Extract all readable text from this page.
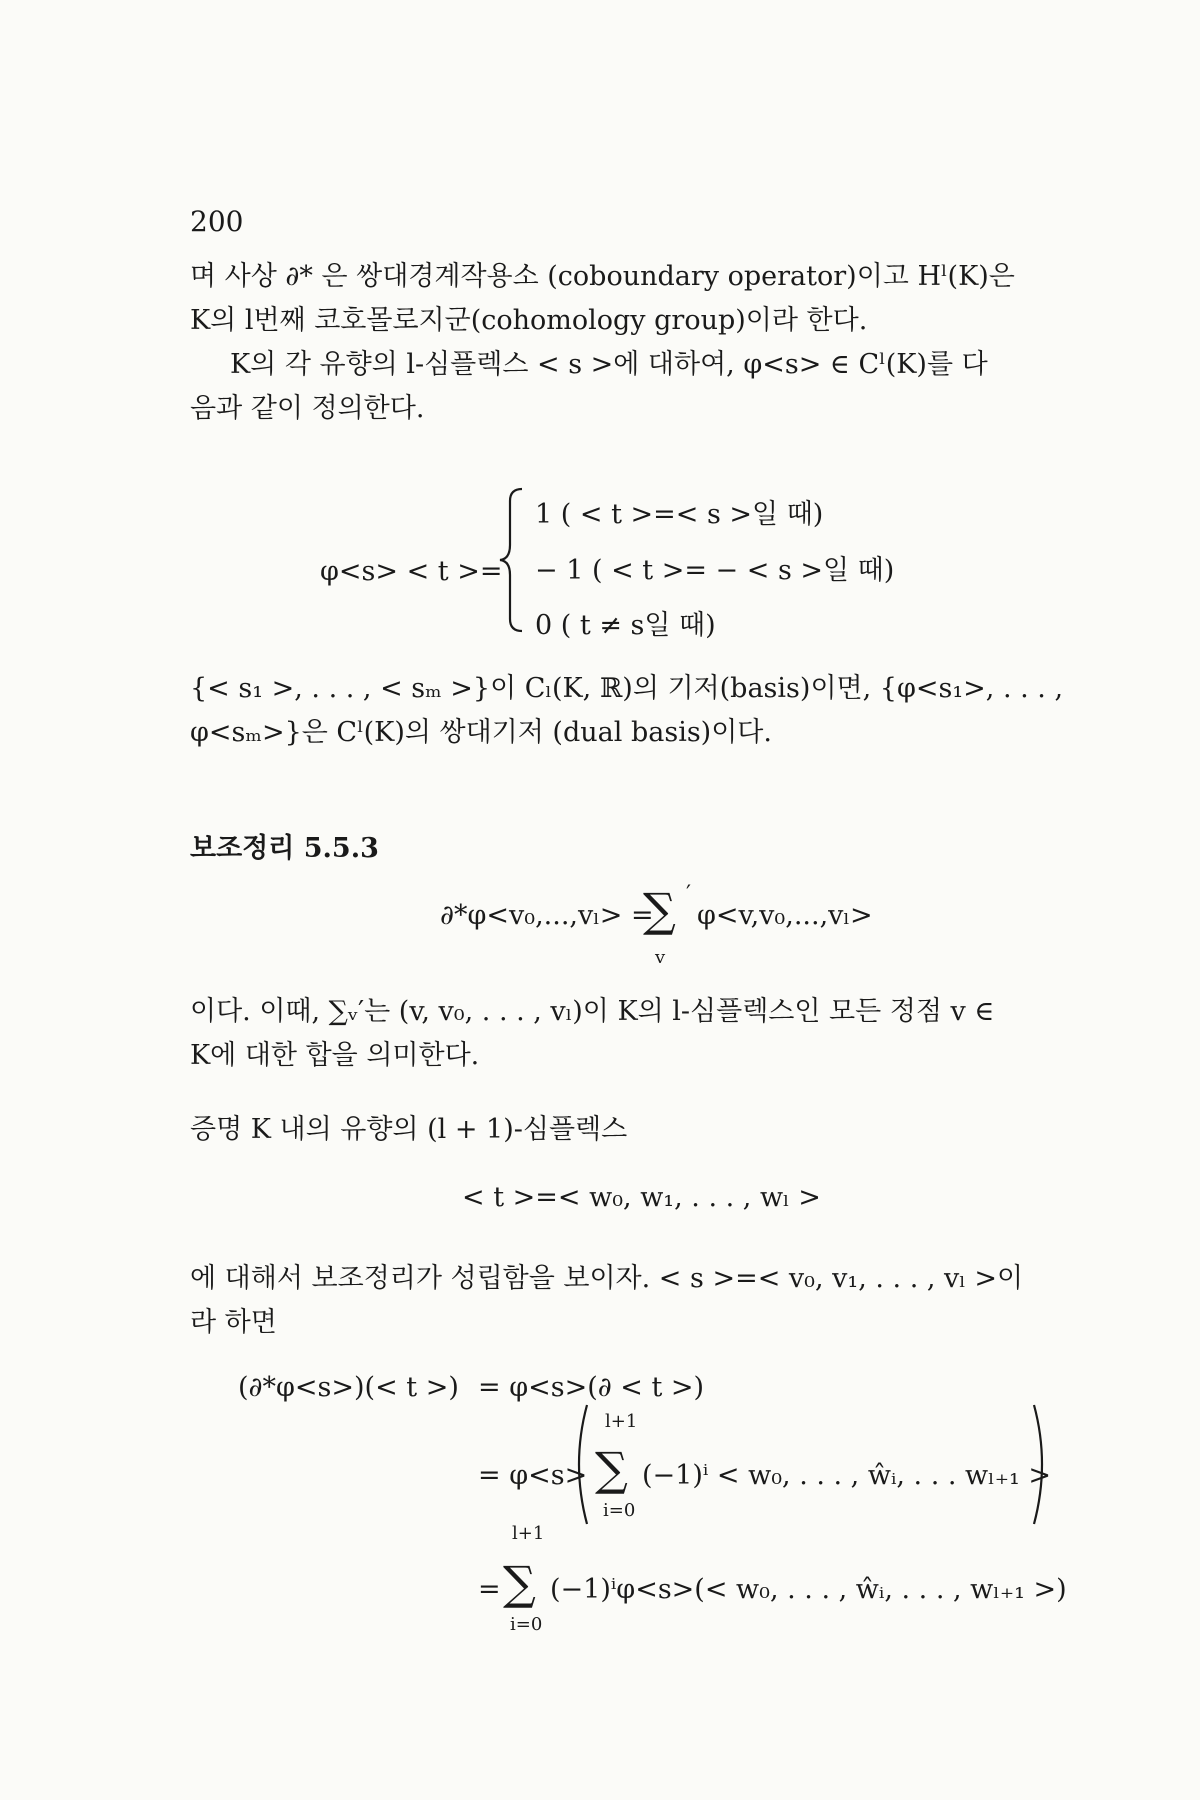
200
며 사상 ∂* 은 쌍대경계작용소 (coboundary operator)이고 Hˡ(K)은
K의 l번째 코호몰로지군(cohomology group)이라 한다.
K의 각 유향의 l-심플렉스 < s >에 대하여, φ<s> ∈ Cˡ(K)를 다
음과 같이 정의한다.
φ<s> < t >=
1 ( < t >=< s >일 때)
− 1 ( < t >= − < s >일 때)
0 ( t ≠ s일 때)
{< s₁ >, . . . , < sₘ >}이 Cₗ(K, ℝ)의 기저(basis)이면, {φ<s₁>, . . . ,
φ<sₘ>}은 Cˡ(K)의 쌍대기저 (dual basis)이다.
보조정리 5.5.3
∂*φ<v₀,...,vₗ> =
∑ ′
v
φ<v,v₀,...,vₗ>
이다. 이때, ∑ᵥ′는 (v, v₀, . . . , vₗ)이 K의 l-심플렉스인 모든 정점 v ∈
K에 대한 합을 의미한다.
증명 K 내의 유향의 (l + 1)-심플렉스
< t >=< w₀, w₁, . . . , wₗ >
에 대해서 보조정리가 성립함을 보이자. < s >=< v₀, v₁, . . . , vₗ >이
라 하면
(∂*φ<s>)(< t >) = φ<s>(∂ < t >)
= φ<s>
l+1
∑
i=0
(−1)ⁱ < w₀, . . . , ŵᵢ, . . . wₗ₊₁ >
=
l+1
∑
i=0
(−1)ⁱφ<s>(< w₀, . . . , ŵᵢ, . . . , wₗ₊₁ >)
